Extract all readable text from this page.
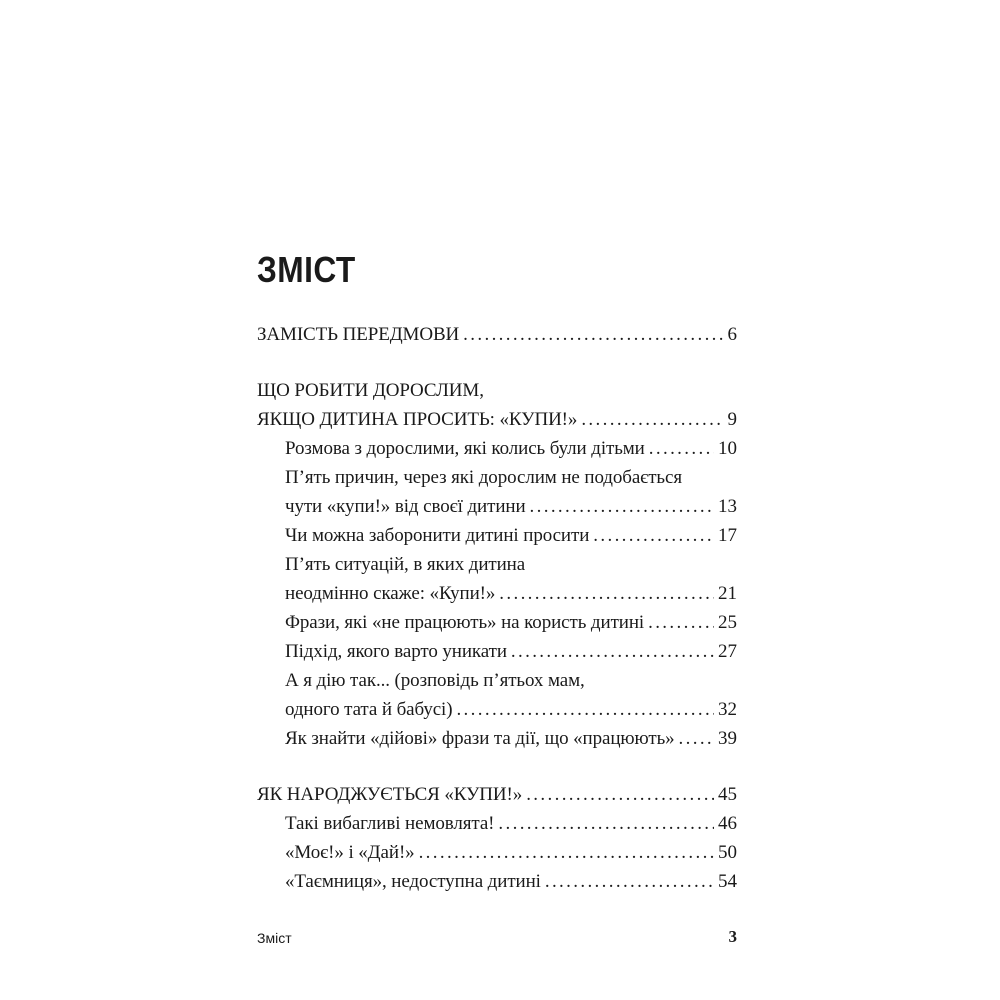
ЗМІСТ
ЗАМІСТЬ ПЕРЕДМОВИ . . .	6
ЩО РОБИТИ ДОРОСЛИМ,
ЯКЩО ДИТИНА ПРОСИТЬ: «КУПИ!» . . .	9
Розмова з дорослими, які колись були дітьми . . .	10
П’ять причин, через які дорослим не подобається
чути «купи!» від своєї дитини . . .	13
Чи можна заборонити дитині просити . . .	17
П’ять ситуацій, в яких дитина
неодмінно скаже: «Купи!» . . .	21
Фрази, які «не працюють» на користь дитині . . .	25
Підхід, якого варто уникати . . .	27
А я дію так... (розповідь п’ятьох мам,
одного тата й бабусі) . . .	32
Як знайти «дійові» фрази та дії, що «працюють» . . . 39
ЯК НАРОДЖУЄТЬСЯ «КУПИ!» . . .	45
Такі вибагливі немовлята! . . .	46
«Моє!» і «Дай!» . . .	50
«Таємниця», недоступна дитині . . .	54
Зміст	3
